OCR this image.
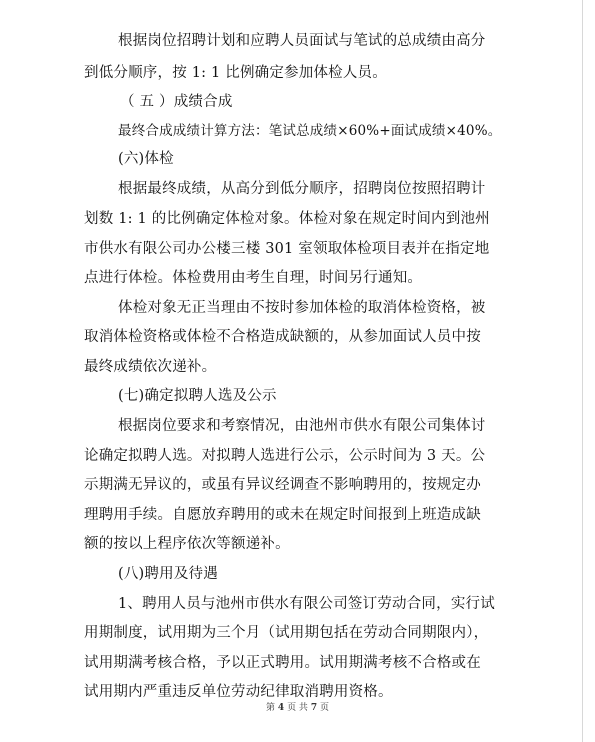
根据岗位招聘计划和应聘人员面试与笔试的总成绩由高分
到低分顺序，按 1: 1 比例确定参加体检人员。
（ 五 ）成绩合成
最终合成成绩计算方法：笔试总成绩×60%+面试成绩×40%。
(六)体检
根据最终成绩，从高分到低分顺序，招聘岗位按照招聘计
划数 1: 1 的比例确定体检对象。体检对象在规定时间内到池州
市供水有限公司办公楼三楼 301 室领取体检项目表并在指定地
点进行体检。体检费用由考生自理，时间另行通知。
体检对象无正当理由不按时参加体检的取消体检资格，被
取消体检资格或体检不合格造成缺额的，从参加面试人员中按
最终成绩依次递补。
(七)确定拟聘人选及公示
根据岗位要求和考察情况，由池州市供水有限公司集体讨
论确定拟聘人选。对拟聘人选进行公示，公示时间为 3 天。公
示期满无异议的，或虽有异议经调查不影响聘用的，按规定办
理聘用手续。自愿放弃聘用的或未在规定时间报到上班造成缺
额的按以上程序依次等额递补。
(八)聘用及待遇
1、聘用人员与池州市供水有限公司签订劳动合同，实行试
用期制度，试用期为三个月（试用期包括在劳动合同期限内），
试用期满考核合格，予以正式聘用。试用期满考核不合格或在
试用期内严重违反单位劳动纪律取消聘用资格。
第 4 页 共 7 页
